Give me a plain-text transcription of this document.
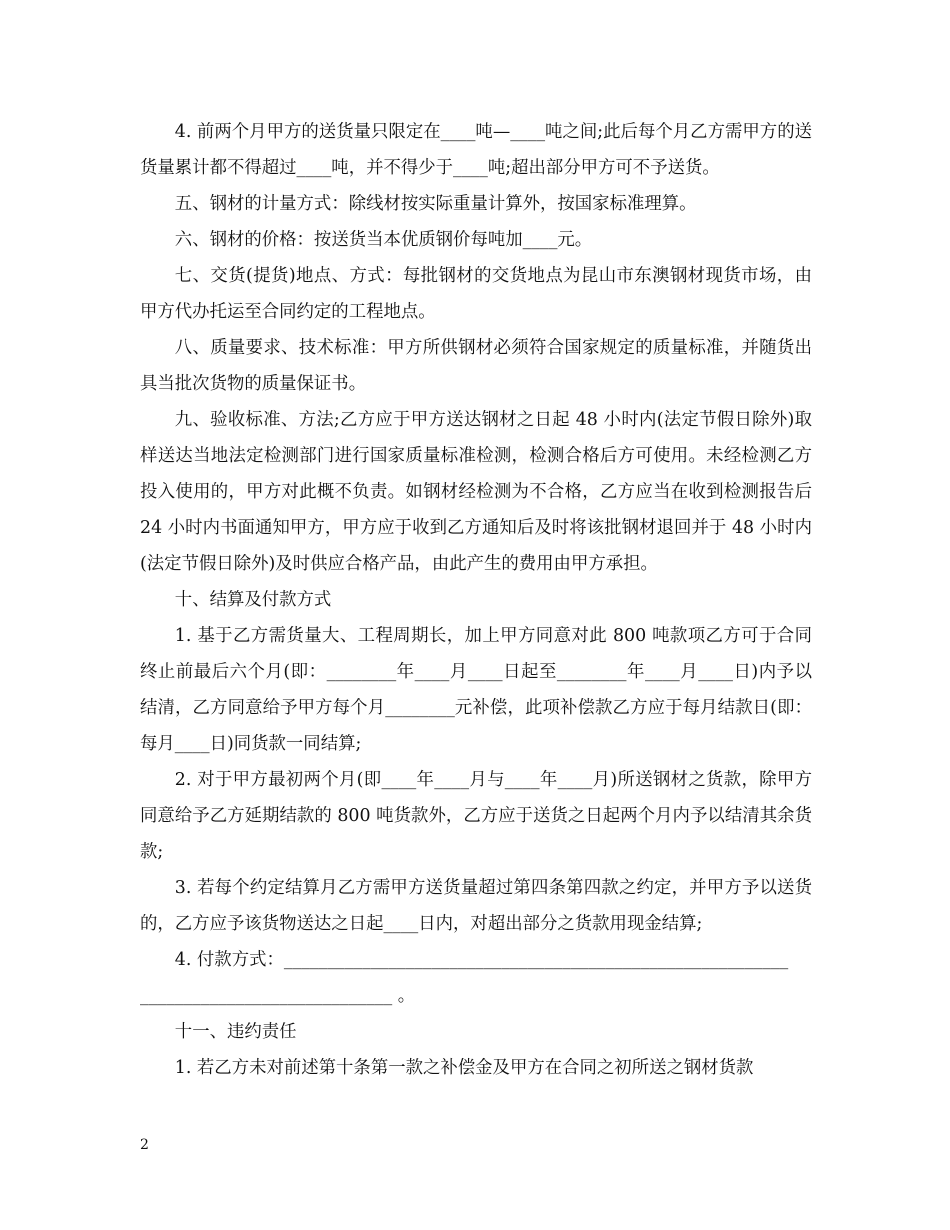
4. 前两个月甲方的送货量只限定在____吨—____吨之间;此后每个月乙方需甲方的送货量累计都不得超过____吨，并不得少于____吨;超出部分甲方可不予送货。

五、钢材的计量方式：除线材按实际重量计算外，按国家标准理算。

六、钢材的价格：按送货当本优质钢价每吨加____元。

七、交货(提货)地点、方式：每批钢材的交货地点为昆山市东澳钢材现货市场，由甲方代办托运至合同约定的工程地点。

八、质量要求、技术标准：甲方所供钢材必须符合国家规定的质量标准，并随货出具当批次货物的质量保证书。

九、验收标准、方法;乙方应于甲方送达钢材之日起 48 小时内(法定节假日除外)取样送达当地法定检测部门进行国家质量标准检测，检测合格后方可使用。未经检测乙方投入使用的，甲方对此概不负责。如钢材经检测为不合格，乙方应当在收到检测报告后 24 小时内书面通知甲方，甲方应于收到乙方通知后及时将该批钢材退回并于 48 小时内(法定节假日除外)及时供应合格产品，由此产生的费用由甲方承担。

十、结算及付款方式

1. 基于乙方需货量大、工程周期长，加上甲方同意对此 800 吨款项乙方可于合同终止前最后六个月(即：________年____月____日起至________年____月____日)内予以结清，乙方同意给予甲方每个月________元补偿，此项补偿款乙方应于每月结款日(即：每月____日)同货款一同结算;

2. 对于甲方最初两个月(即____年____月与____年____月)所送钢材之货款，除甲方同意给予乙方延期结款的 800 吨货款外，乙方应于送货之日起两个月内予以结清其余货款;

3. 若每个约定结算月乙方需甲方送货量超过第四条第四款之约定，并甲方予以送货的，乙方应予该货物送达之日起____日内，对超出部分之货款用现金结算;

4. 付款方式：__________________________________________________________

_____________________________ 。

十一、违约责任

1. 若乙方未对前述第十条第一款之补偿金及甲方在合同之初所送之钢材货款

2
